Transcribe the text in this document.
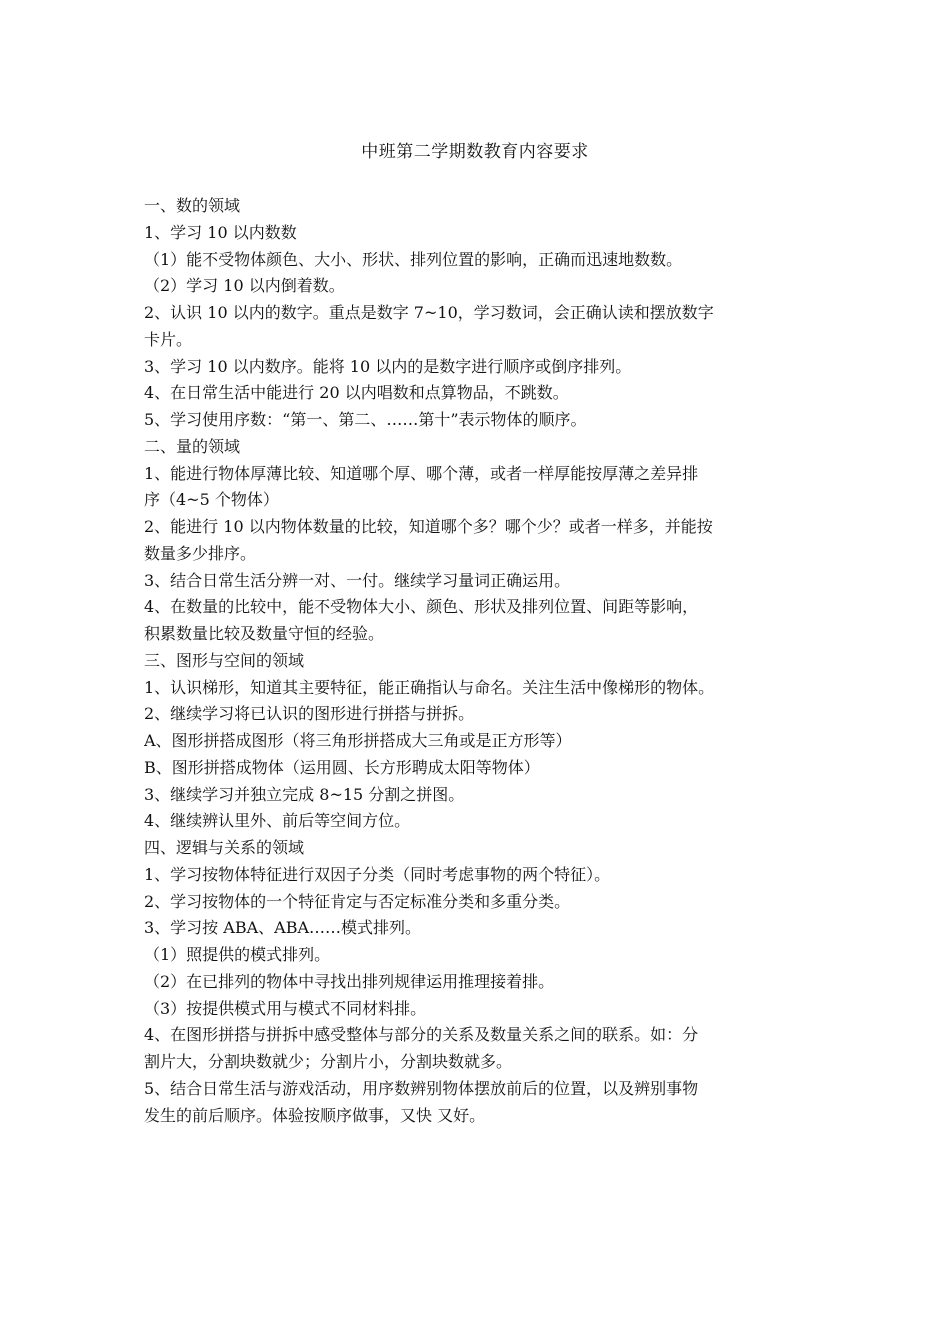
中班第二学期数教育内容要求
一、数的领域
1、学习 10 以内数数
（1）能不受物体颜色、大小、形状、排列位置的影响，正确而迅速地数数。
（2）学习 10 以内倒着数。
2、认识 10 以内的数字。重点是数字 7~10，学习数词，会正确认读和摆放数字
卡片。
3、学习 10 以内数序。能将 10 以内的是数字进行顺序或倒序排列。
4、在日常生活中能进行 20 以内唱数和点算物品，不跳数。
5、学习使用序数：“第一、第二、……第十”表示物体的顺序。
二、量的领域
1、能进行物体厚薄比较、知道哪个厚、哪个薄，或者一样厚能按厚薄之差异排
序（4~5 个物体）
2、能进行 10 以内物体数量的比较，知道哪个多？哪个少？或者一样多，并能按
数量多少排序。
3、结合日常生活分辨一对、一付。继续学习量词正确运用。
4、在数量的比较中，能不受物体大小、颜色、形状及排列位置、间距等影响，
积累数量比较及数量守恒的经验。
三、图形与空间的领域
1、认识梯形，知道其主要特征，能正确指认与命名。关注生活中像梯形的物体。
2、继续学习将已认识的图形进行拼搭与拼拆。
A、图形拼搭成图形（将三角形拼搭成大三角或是正方形等）
B、图形拼搭成物体（运用圆、长方形聘成太阳等物体）
3、继续学习并独立完成 8~15 分割之拼图。
4、继续辨认里外、前后等空间方位。
四、逻辑与关系的领域
1、学习按物体特征进行双因子分类（同时考虑事物的两个特征）。
2、学习按物体的一个特征肯定与否定标准分类和多重分类。
3、学习按 ABA、ABA……模式排列。
（1）照提供的模式排列。
（2）在已排列的物体中寻找出排列规律运用推理接着排。
（3）按提供模式用与模式不同材料排。
4、在图形拼搭与拼拆中感受整体与部分的关系及数量关系之间的联系。如：分
割片大，分割块数就少；分割片小，分割块数就多。
5、结合日常生活与游戏活动，用序数辨别物体摆放前后的位置，以及辨别事物
发生的前后顺序。体验按顺序做事，又快 又好。
